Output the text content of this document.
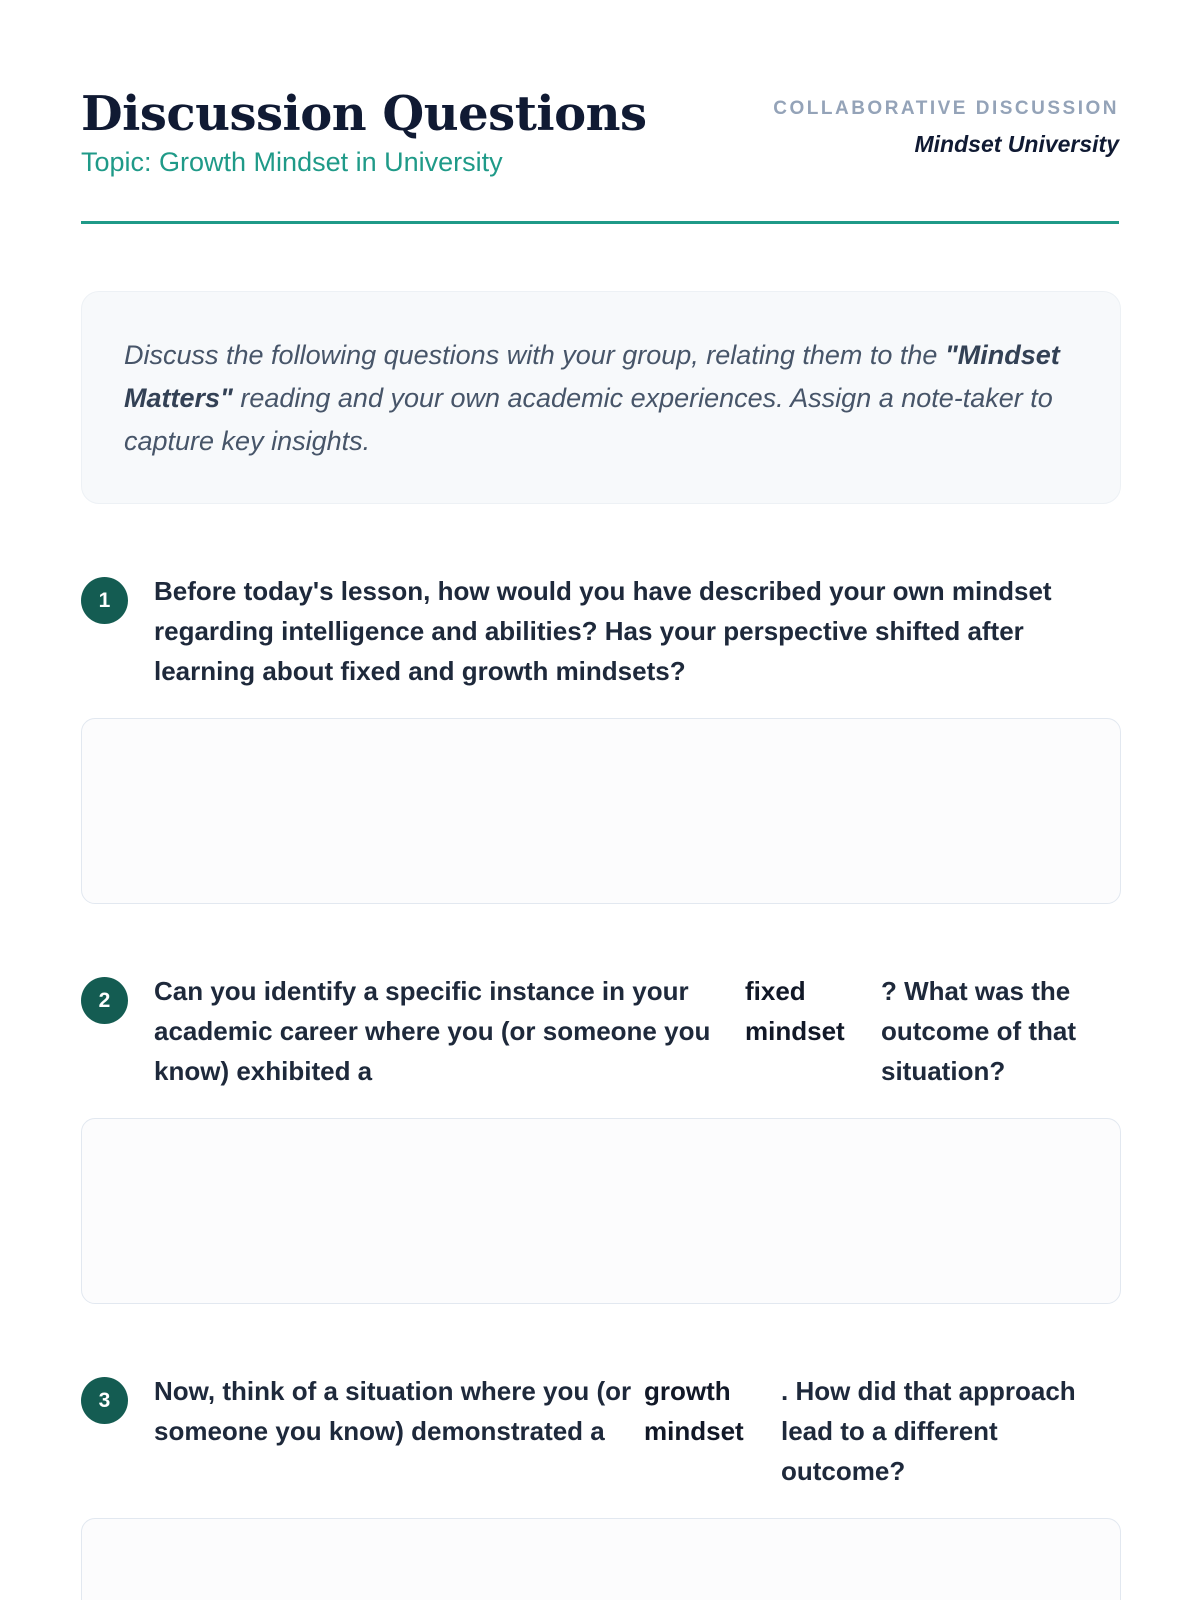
Discussion Questions
Topic: Growth Mindset in University
COLLABORATIVE DISCUSSION
Mindset University
Discuss the following questions with your group, relating them to the "Mindset Matters" reading and your own academic experiences. Assign a note-taker to capture key insights.
1	Before today's lesson, how would you have described your own mindset regarding intelligence and abilities? Has your perspective shifted after learning about fixed and growth mindsets?
2	Can you identify a specific instance in your academic career where you (or someone you know) exhibited a
fixed mindset
? What was the outcome of that situation?
3	Now, think of a situation where you (or someone you know) demonstrated a
growth mindset
. How did that approach lead to a different outcome?
